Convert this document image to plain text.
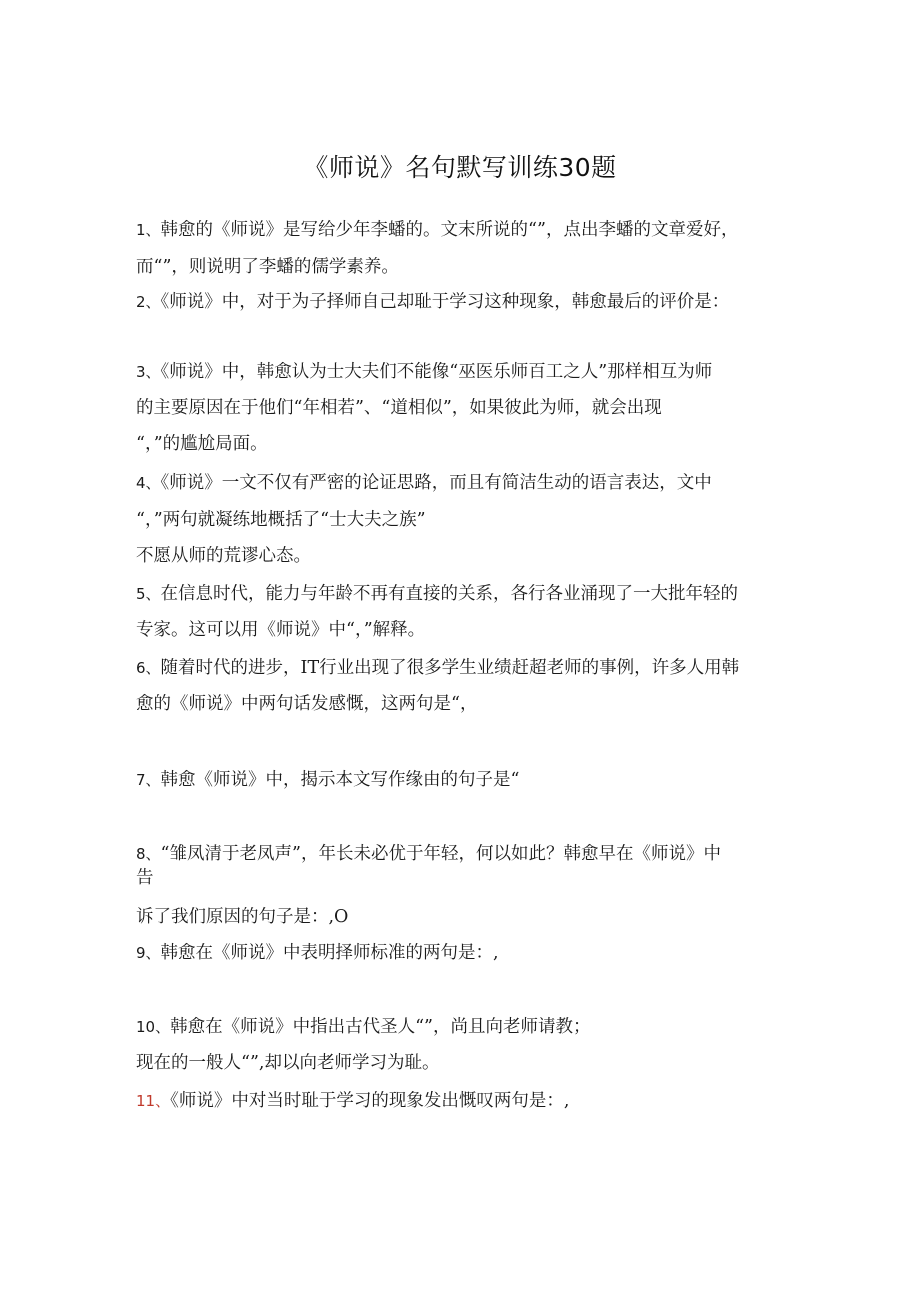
《师说》名句默写训练30题
1、韩愈的《师说》是写给少年李蟠的。文末所说的“”，点出李蟠的文章爱好，
而“”，则说明了李蟠的儒学素养。
2、《师说》中，对于为子择师自己却耻于学习这种现象，韩愈最后的评价是：
3、《师说》中，韩愈认为士大夫们不能像“巫医乐师百工之人”那样相互为师
的主要原因在于他们“年相若”、“道相似”，如果彼此为师，就会出现
“，”的尴尬局面。
4、《师说》一文不仅有严密的论证思路，而且有简洁生动的语言表达，文中
“，”两句就凝练地概括了“士大夫之族”
不愿从师的荒谬心态。
5、在信息时代，能力与年龄不再有直接的关系，各行各业涌现了一大批年轻的
专家。这可以用《师说》中“，”解释。
6、随着时代的进步，IT行业出现了很多学生业绩赶超老师的事例，许多人用韩
愈的《师说》中两句话发感慨，这两句是“，
7、韩愈《师说》中，揭示本文写作缘由的句子是“
8、“雏凤清于老凤声”，年长未必优于年轻，何以如此？韩愈早在《师说》中
告
诉了我们原因的句子是：,O
9、韩愈在《师说》中表明择师标准的两句是：,
10、韩愈在《师说》中指出古代圣人“”，尚且向老师请教；
现在的一般人“”,却以向老师学习为耻。
11、《师说》中对当时耻于学习的现象发出慨叹两句是：,
